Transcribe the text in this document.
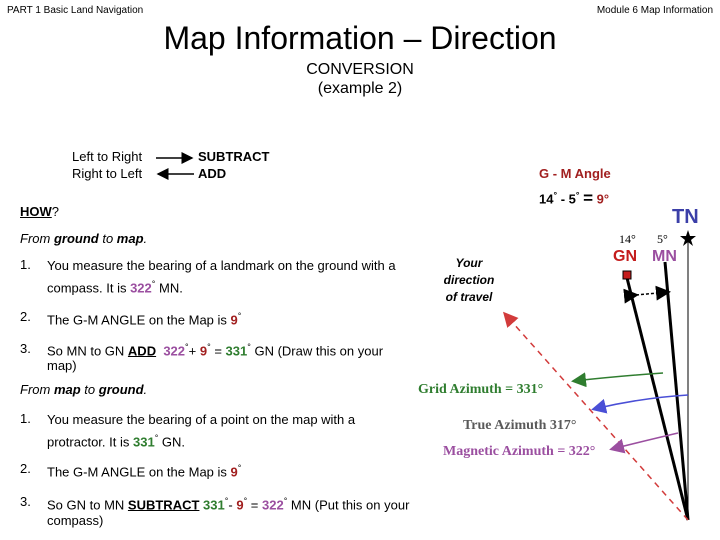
PART 1 Basic Land Navigation	Module 6 Map Information
Map Information – Direction
CONVERSION
(example 2)
Left to Right
Right to Left
SUBTRACT
ADD	G - M Angle
14° - 5° = 9°
HOW?
From ground to map.
1. You measure the bearing of a landmark on the ground with a compass. It is 322° MN.
2. The G-M ANGLE on the Map is 9°
3. So MN to GN ADD 322°+ 9° = 331° GN (Draw this on your map)
From map to ground.
1. You measure the bearing of a point on the map with a protractor. It is 331° GN.
2. The G-M ANGLE on the Map is 9°
3. So GN to MN SUBTRACT 331°- 9° = 322° MN (Put this on your compass)
TN
GN MN
14° 5°
Your
direction
of travel
Grid Azimuth = 331°
True Azimuth 317°
Magnetic Azimuth = 322°
